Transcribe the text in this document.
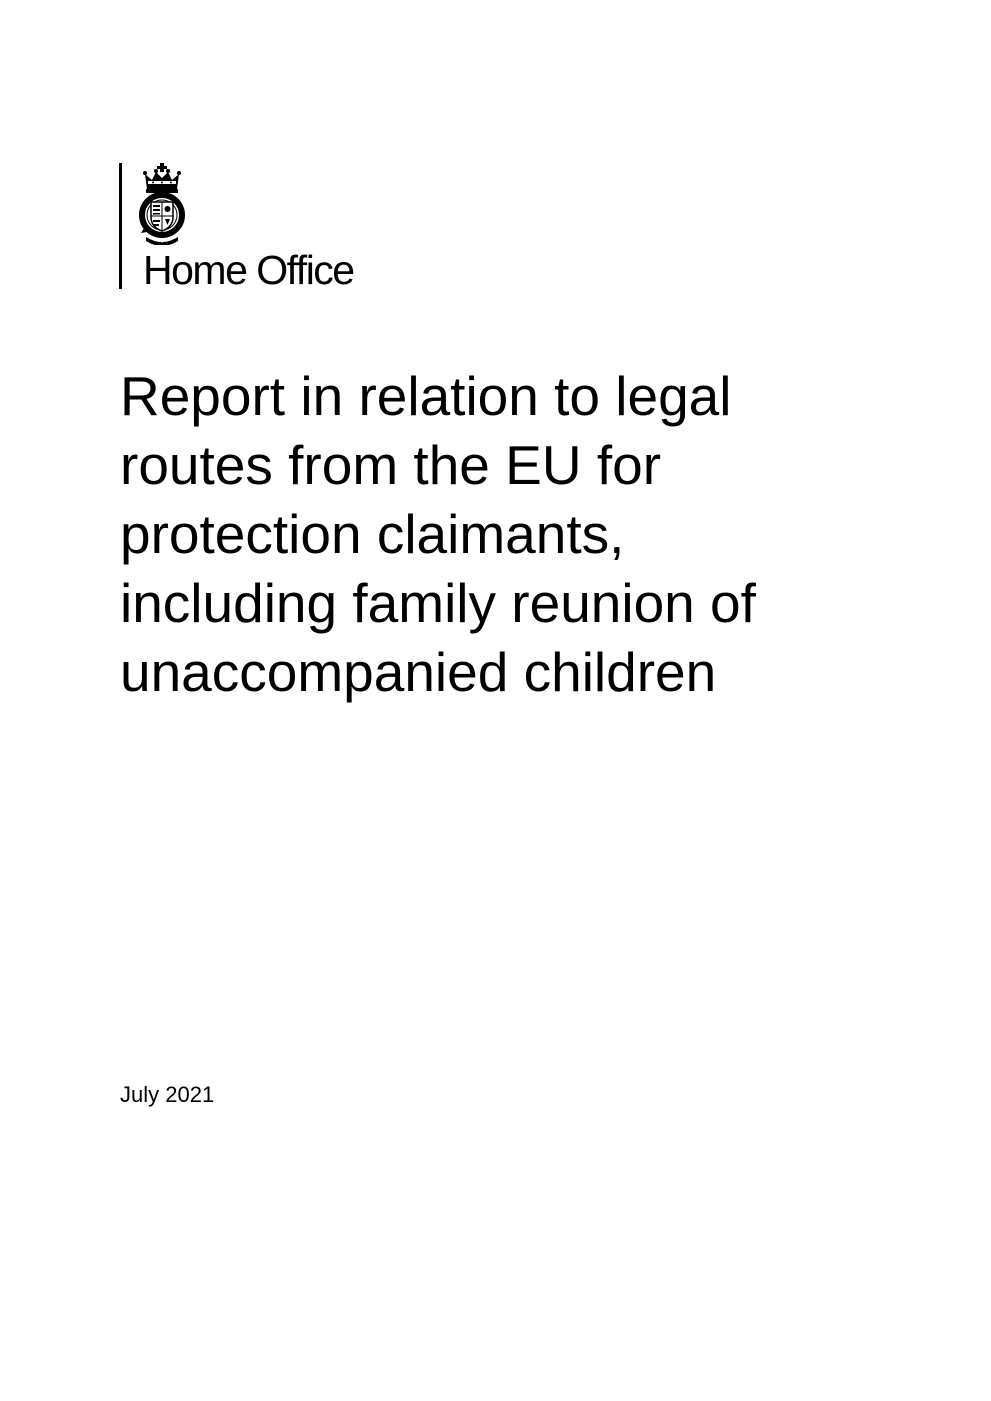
Home Office
Report in relation to legal
routes from the EU for
protection claimants,
including family reunion of
unaccompanied children

July 2021
